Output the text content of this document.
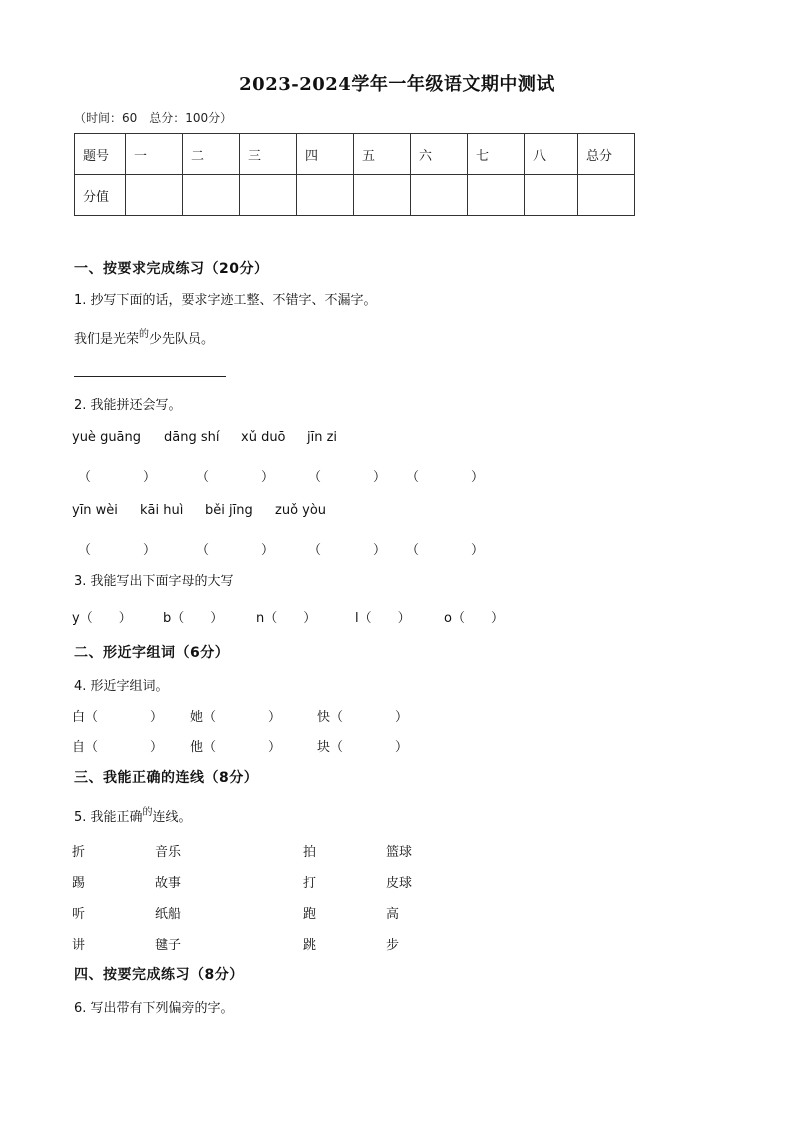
2023-2024学年一年级语文期中测试
（时间：60　总分：100分）
题号	一	二	三	四	五	六	七	八	总分
分值									
一、按要求完成练习（20分）
1. 抄写下面的话，要求字迹工整、不错字、不漏字。
我们是光荣$^的$少先队员。
2. 我能拼还会写。
yuè guāng dāng shí xǔ duō jīn zi
（　　　　）	（　　　　）	（　　　　） （　　　　）
yīn wèi kāi huì běi jīng zuǒ yòu
（　　　　）	（　　　　）	（　　　　） （　　　　）
3. 我能写出下面字母的大写
y（　　） b（　　）	n（　　）	l（　　）	o（　　）
二、形近字组词（6分）
4. 形近字组词。
白（　　　　） 她（　　　　）	快（　　　　）
自（　　　　） 他（　　　　）	块（　　　　）
三、我能正确的连线（8分）
5. 我能正确$^的$连线。
折	音乐	拍	篮球
踢	故事	打	皮球
听	纸船	跑	高
讲	毽子	跳	步
四、按要完成练习（8分）
6. 写出带有下列偏旁的字。
